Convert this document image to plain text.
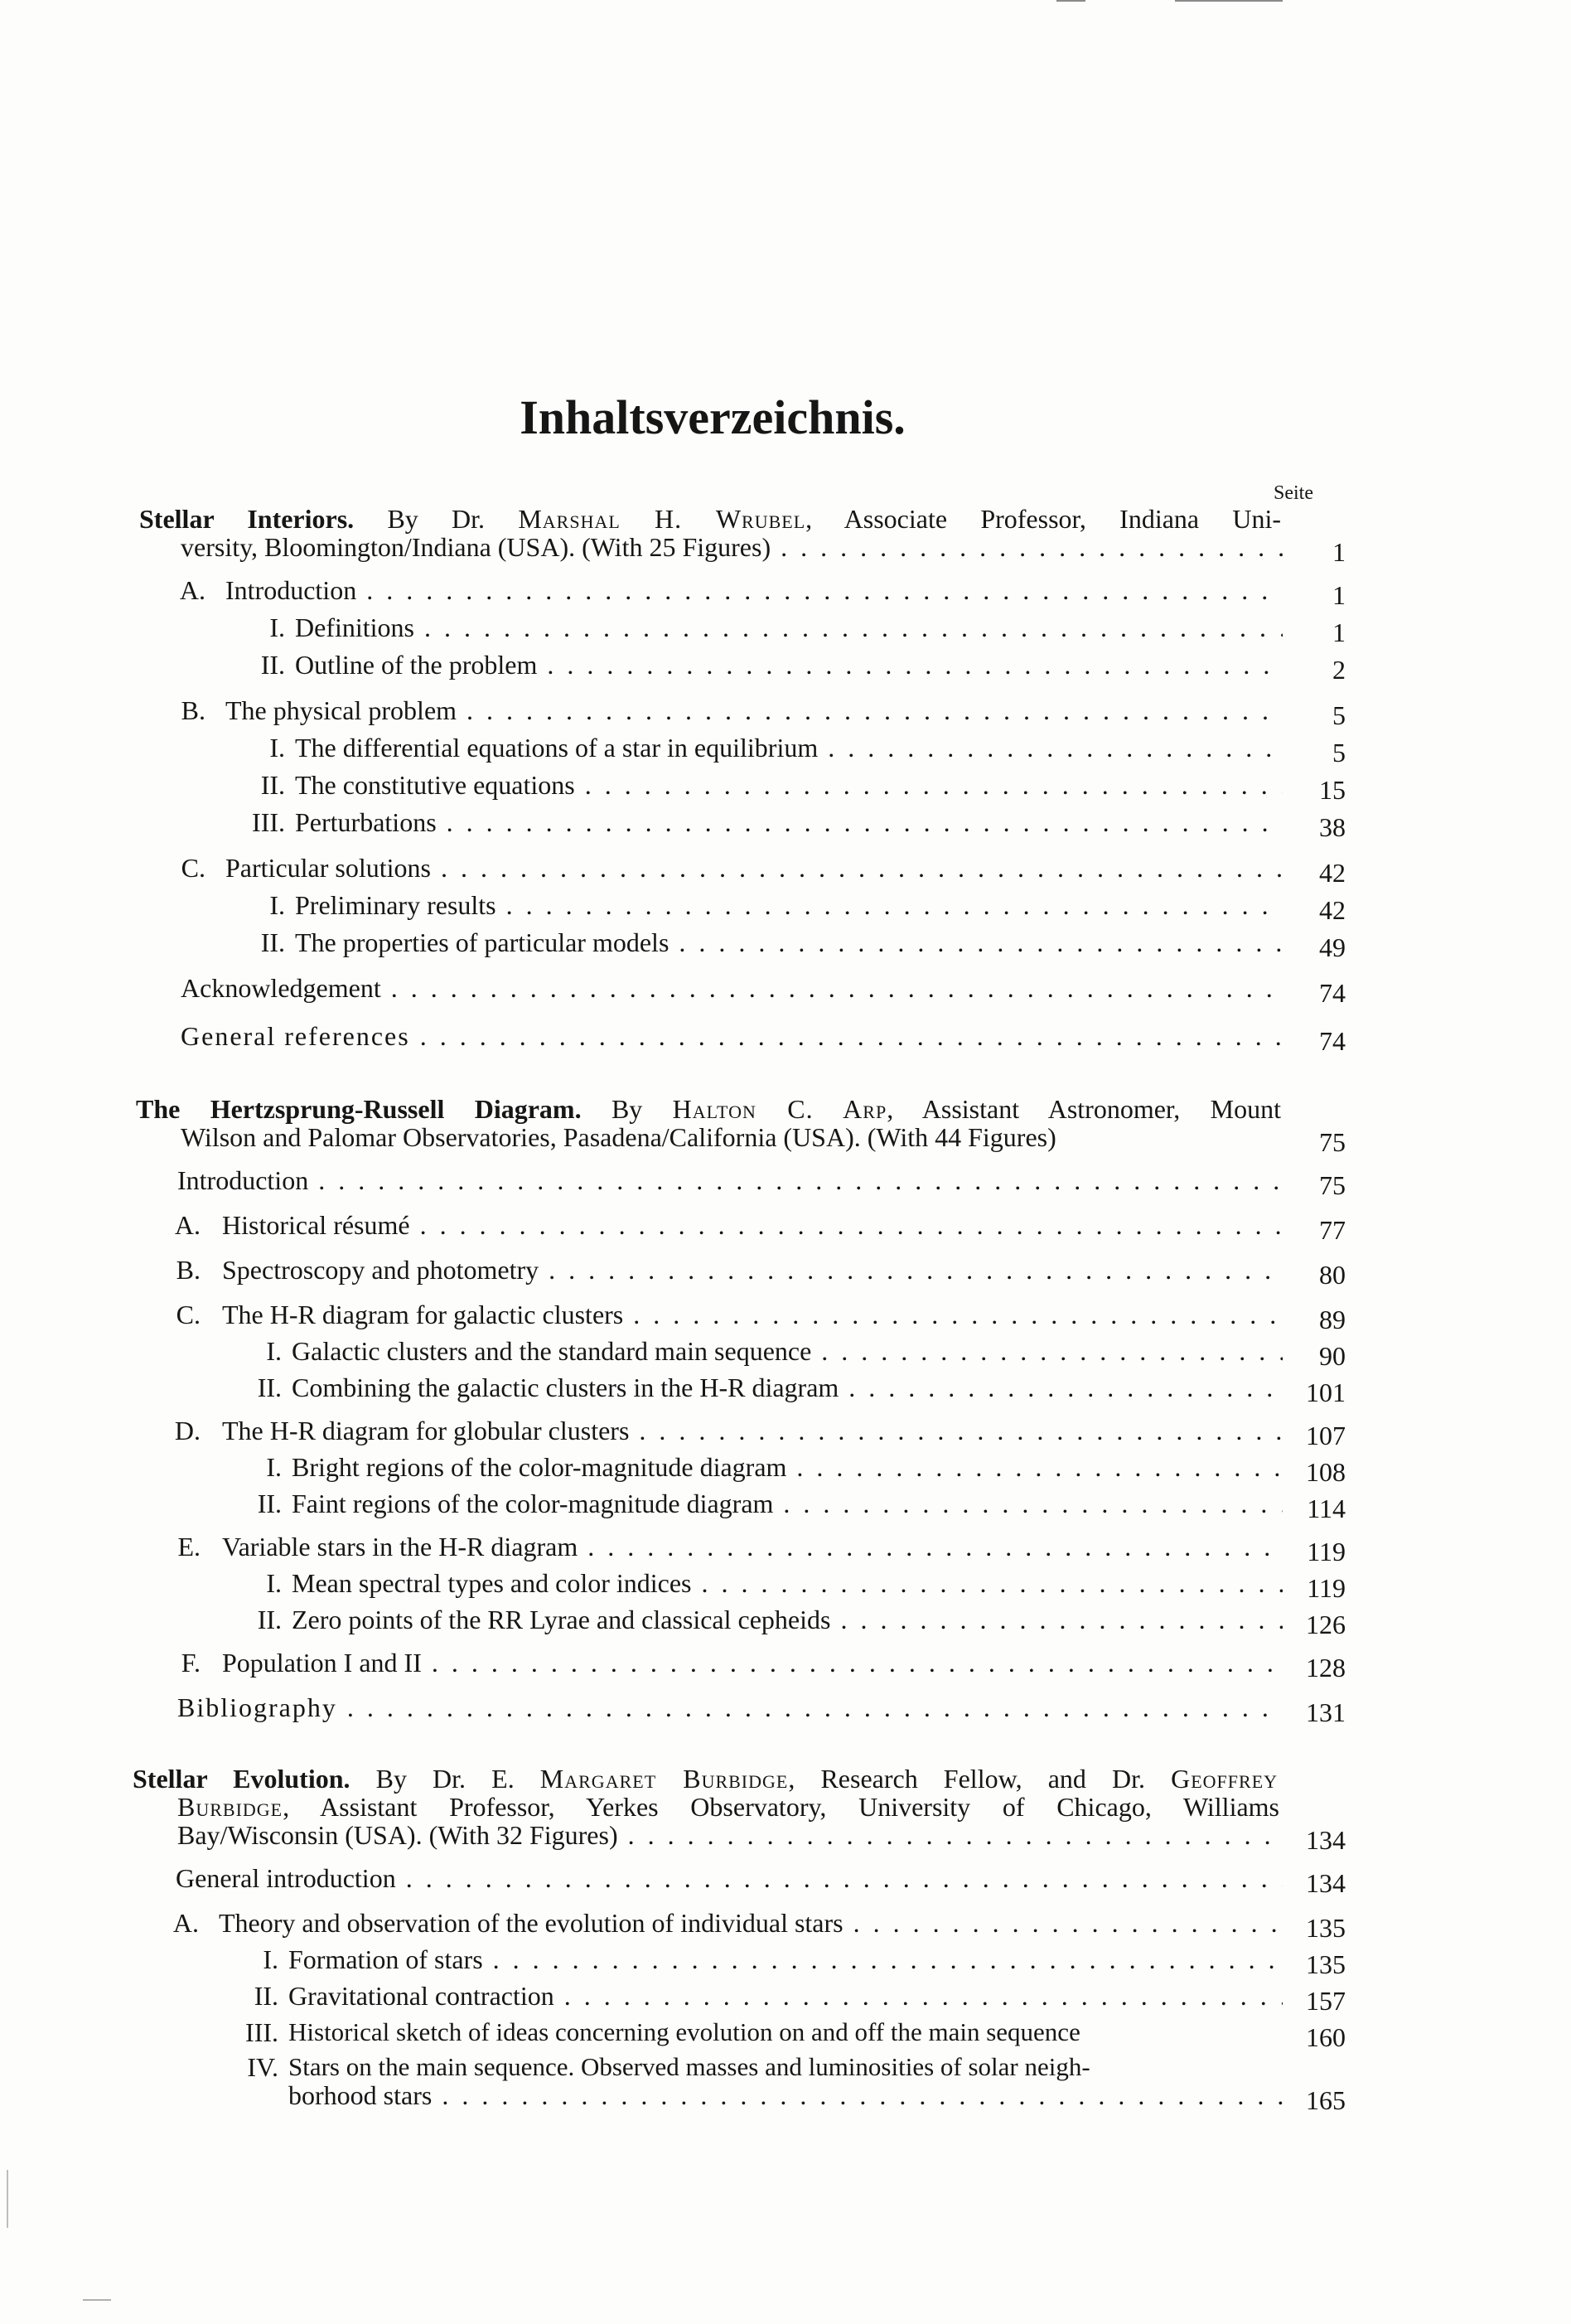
Inhaltsverzeichnis.
Seite
Stellar Interiors. By Dr. Marshal H. Wrubel, Associate Professor, Indiana Uni-
versity, Bloomington/Indiana (USA). (With 25 Figures) . . .	1
A. Introduction . . .	1
I. Definitions . . .	1
II. Outline of the problem . . .	2
B. The physical problem . . .	5
I. The differential equations of a star in equilibrium . . .	5
II. The constitutive equations . . .	15
III. Perturbations . . .	38
C. Particular solutions . . .	42
I. Preliminary results . . .	42
II. The properties of particular models . . .	49
Acknowledgement . . .	74
General references . . .	74
The Hertzsprung-Russell Diagram. By Halton C. Arp, Assistant Astronomer, Mount
Wilson and Palomar Observatories, Pasadena/California (USA). (With 44 Figures)	75
Introduction . . .	75
A. Historical résumé . . .	77
B. Spectroscopy and photometry . . .	80
C. The H-R diagram for galactic clusters . . .	89
I. Galactic clusters and the standard main sequence . . .	90
II. Combining the galactic clusters in the H-R diagram . . .	101
D. The H-R diagram for globular clusters . . .	107
I. Bright regions of the color-magnitude diagram . . .	108
II. Faint regions of the color-magnitude diagram . . .	114
E. Variable stars in the H-R diagram . . .	119
I. Mean spectral types and color indices . . .	119
II. Zero points of the RR Lyrae and classical cepheids . . .	126
F. Population I and II . . .	128
Bibliography . . .	131
Stellar Evolution. By Dr. E. Margaret Burbidge, Research Fellow, and Dr. Geoffrey
Burbidge, Assistant Professor, Yerkes Observatory, University of Chicago, Williams
Bay/Wisconsin (USA). (With 32 Figures) . . .	134
General introduction . . .	134
A. Theory and observation of the evolution of individual stars . . .	135
I. Formation of stars . . .	135
II. Gravitational contraction . . .	157
III. Historical sketch of ideas concerning evolution on and off the main sequence	160
IV. Stars on the main sequence. Observed masses and luminosities of solar neigh-
borhood stars . . .	165
